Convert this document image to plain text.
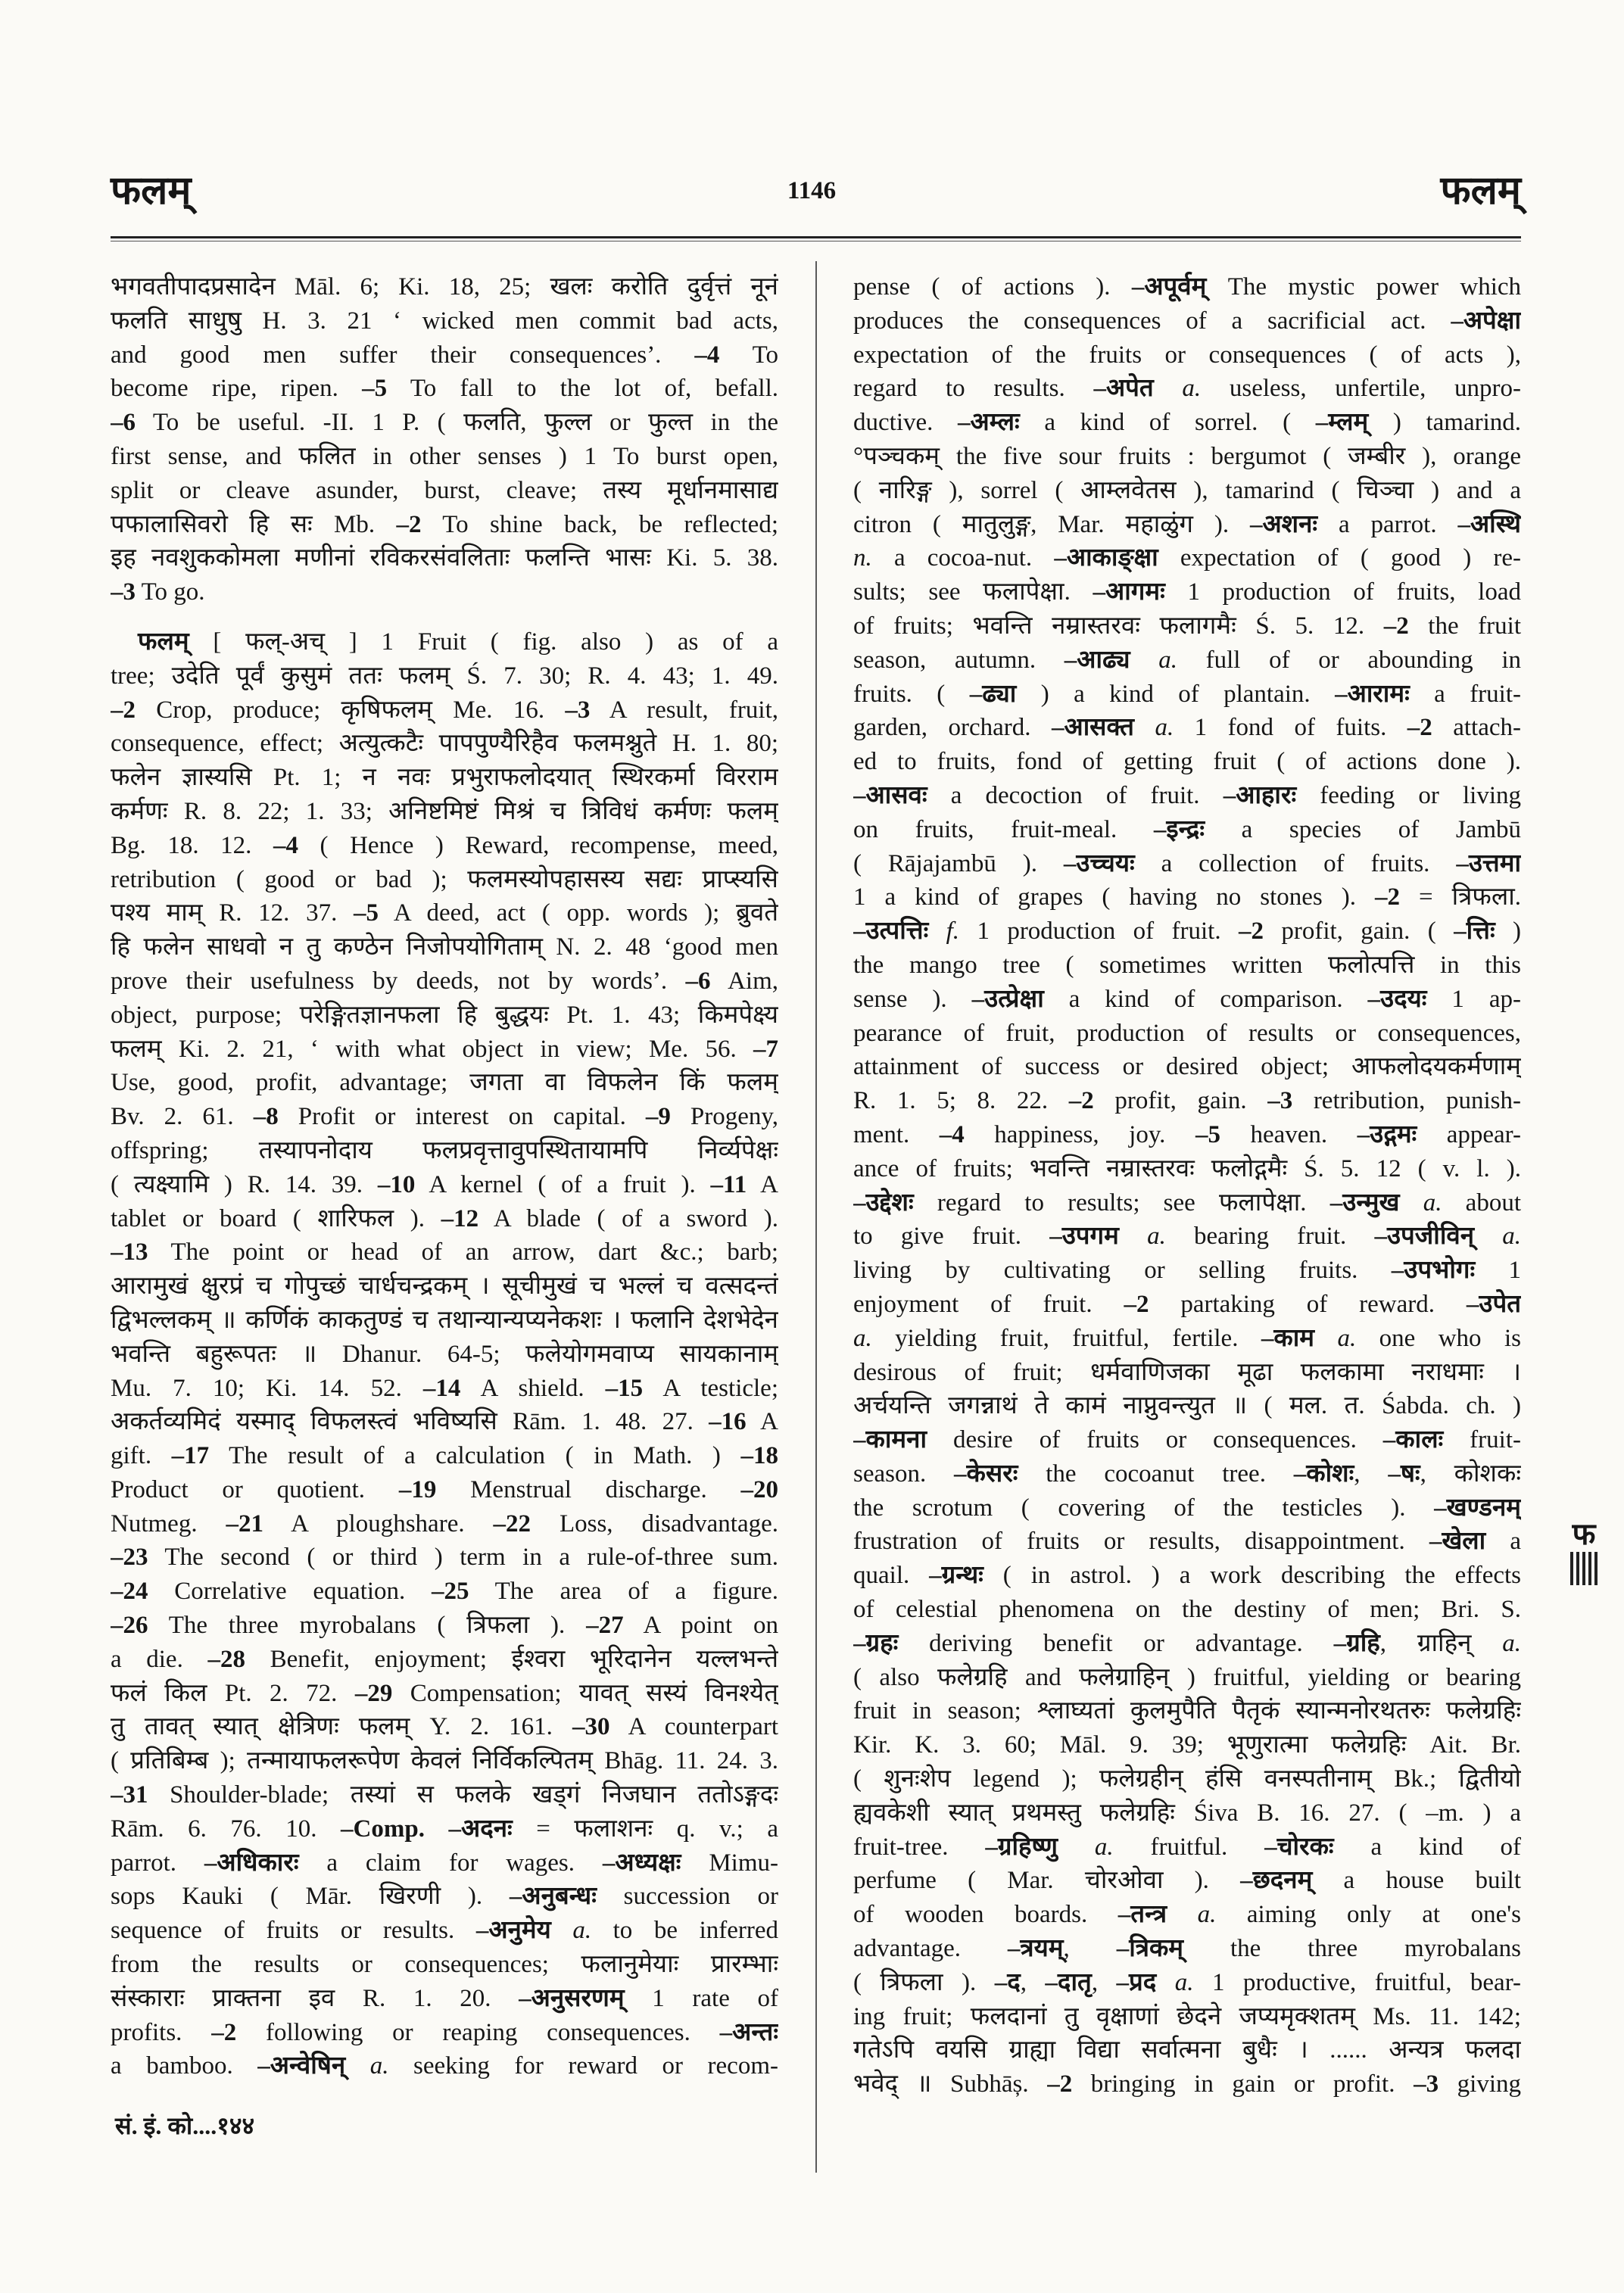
फलम्	1146	फलम्
भगवतीपादप्रसादेन Māl. 6; Ki. 18, 25; खलः करोति दुर्वृत्तं नूनं
फलति साधुषु H. 3. 21 ‘ wicked men commit bad acts,
and good men suffer their consequences’. –4 To
become ripe, ripen. –5 To fall to the lot of, befall.
–6 To be useful. -II. 1 P. ( फलति, फुल्ल or फुल्त in the
first sense, and फलित in other senses ) 1 To burst open,
split or cleave asunder, burst, cleave; तस्य मूर्धानमासाद्य
पफालासिवरो हि सः Mb. –2 To shine back, be reflected;
इह नवशुककोमला मणीनां रविकरसंवलिताः फलन्ति भासः Ki. 5. 38.
–3 To go.
फलम् [ फल्-अच् ] 1 Fruit ( fig. also ) as of a
tree; उदेति पूर्वं कुसुमं ततः फलम् Ś. 7. 30; R. 4. 43; 1. 49.
–2 Crop, produce; कृषिफलम् Me. 16. –3 A result, fruit,
consequence, effect; अत्युत्कटैः पापपुण्यैरिहैव फलमश्नुते H. 1. 80;
फलेन ज्ञास्यसि Pt. 1; न नवः प्रभुराफलोदयात् स्थिरकर्मा विरराम
कर्मणः R. 8. 22; 1. 33; अनिष्टमिष्टं मिश्रं च त्रिविधं कर्मणः फलम्
Bg. 18. 12. –4 ( Hence ) Reward, recompense, meed,
retribution ( good or bad ); फलमस्योपहासस्य सद्यः प्राप्स्यसि
पश्य माम् R. 12. 37. –5 A deed, act ( opp. words ); ब्रुवते
हि फलेन साधवो न तु कण्ठेन निजोपयोगिताम् N. 2. 48 ‘good men
prove their usefulness by deeds, not by words’. –6 Aim,
object, purpose; परेङ्गितज्ञानफला हि बुद्धयः Pt. 1. 43; किमपेक्ष्य
फलम् Ki. 2. 21, ‘ with what object in view; Me. 56. –7
Use, good, profit, advantage; जगता वा विफलेन किं फलम्
Bv. 2. 61. –8 Profit or interest on capital. –9 Progeny,
offspring; तस्यापनोदाय फलप्रवृत्तावुपस्थितायामपि निर्व्यपेक्षः
( त्यक्ष्यामि ) R. 14. 39. –10 A kernel ( of a fruit ). –11 A
tablet or board ( शारिफल ). –12 A blade ( of a sword ).
–13 The point or head of an arrow, dart &c.; barb;
आरामुखं क्षुरप्रं च गोपुच्छं चार्धचन्द्रकम् । सूचीमुखं च भल्लं च वत्सदन्तं
द्विभल्लकम् ॥ कर्णिकं काकतुण्डं च तथान्यान्यप्यनेकशः । फलानि देशभेदेन
भवन्ति बहुरूपतः ॥ Dhanur. 64-5; फलेयोगमवाप्य सायकानाम्
Mu. 7. 10; Ki. 14. 52. –14 A shield. –15 A testicle;
अकर्तव्यमिदं यस्माद् विफलस्त्वं भविष्यसि Rām. 1. 48. 27. –16 A
gift. –17 The result of a calculation ( in Math. ) –18
Product or quotient. –19 Menstrual discharge. –20
Nutmeg. –21 A ploughshare. –22 Loss, disadvantage.
–23 The second ( or third ) term in a rule-of-three sum.
–24 Correlative equation. –25 The area of a figure.
–26 The three myrobalans ( त्रिफला ). –27 A point on
a die. –28 Benefit, enjoyment; ईश्वरा भूरिदानेन यल्लभन्ते
फलं किल Pt. 2. 72. –29 Compensation; यावत् सस्यं विनश्येत्
तु तावत् स्यात् क्षेत्रिणः फलम् Y. 2. 161. –30 A counterpart
( प्रतिबिम्ब ); तन्मायाफलरूपेण केवलं निर्विकल्पितम् Bhāg. 11. 24. 3.
–31 Shoulder-blade; तस्यां स फलके खड्गं निजघान ततोऽङ्गदः
Rām. 6. 76. 10. –Comp. –अदनः = फलाशनः q. v.; a
parrot. –अधिकारः a claim for wages. –अध्यक्षः Mimu-
sops Kauki ( Mār. खिरणी ). –अनुबन्धः succession or
sequence of fruits or results. –अनुमेय a. to be inferred
from the results or consequences; फलानुमेयाः प्रारम्भाः
संस्काराः प्राक्तना इव R. 1. 20. –अनुसरणम् 1 rate of
profits. –2 following or reaping consequences. –अन्तः
a bamboo. –अन्वेषिन् a. seeking for reward or recom-
pense ( of actions ). –अपूर्वम् The mystic power which
produces the consequences of a sacrificial act. –अपेक्षा
expectation of the fruits or consequences ( of acts ),
regard to results. –अपेत a. useless, unfertile, unpro-
ductive. –अम्लः a kind of sorrel. ( –म्लम् ) tamarind.
°पञ्चकम् the five sour fruits : bergumot ( जम्बीर ), orange
( नारिङ्ग ), sorrel ( आम्लवेतस ), tamarind ( चिञ्चा ) and a
citron ( मातुलुङ्ग, Mar. महाळुंग ). –अशनः a parrot. –अस्थि
n. a cocoa-nut. –आकाङ्क्षा expectation of ( good ) re-
sults; see फलापेक्षा. –आगमः 1 production of fruits, load
of fruits; भवन्ति नम्रास्तरवः फलागमैः Ś. 5. 12. –2 the fruit
season, autumn. –आढ्य a. full of or abounding in
fruits. ( –ढ्या ) a kind of plantain. –आरामः a fruit-
garden, orchard. –आसक्त a. 1 fond of fuits. –2 attach-
ed to fruits, fond of getting fruit ( of actions done ).
–आसवः a decoction of fruit. –आहारः feeding or living
on fruits, fruit-meal. –इन्द्रः a species of Jambū
( Rājajambū ). –उच्चयः a collection of fruits. –उत्तमा
1 a kind of grapes ( having no stones ). –2 = त्रिफला.
–उत्पत्तिः f. 1 production of fruit. –2 profit, gain. ( –त्तिः )
the mango tree ( sometimes written फलोत्पत्ति in this
sense ). –उत्प्रेक्षा a kind of comparison. –उदयः 1 ap-
pearance of fruit, production of results or consequences,
attainment of success or desired object; आफलोदयकर्मणाम्
R. 1. 5; 8. 22. –2 profit, gain. –3 retribution, punish-
ment. –4 happiness, joy. –5 heaven. –उद्गमः appear-
ance of fruits; भवन्ति नम्रास्तरवः फलोद्गमैः Ś. 5. 12 ( v. l. ).
–उद्देशः regard to results; see फलापेक्षा. –उन्मुख a. about
to give fruit. –उपगम a. bearing fruit. –उपजीविन् a.
living by cultivating or selling fruits. –उपभोगः 1
enjoyment of fruit. –2 partaking of reward. –उपेत
a. yielding fruit, fruitful, fertile. –काम a. one who is
desirous of fruit; धर्मवाणिजका मूढा फलकामा नराधमाः ।
अर्चयन्ति जगन्नाथं ते कामं नाप्नुवन्त्युत ॥ ( मल. त. Śabda. ch. )
–कामना desire of fruits or consequences. –कालः fruit-
season. –केसरः the cocoanut tree. –कोशः, –षः, कोशकः
the scrotum ( covering of the testicles ). –खण्डनम्
frustration of fruits or results, disappointment. –खेला a
quail. –ग्रन्थः ( in astrol. ) a work describing the effects
of celestial phenomena on the destiny of men; Bri. S.
–ग्रहः deriving benefit or advantage. –ग्रहि, ग्राहिन् a.
( also फलेग्रहि and फलेग्राहिन् ) fruitful, yielding or bearing
fruit in season; श्लाघ्यतां कुलमुपैति पैतृकं स्यान्मनोरथतरुः फलेग्रहिः
Kir. K. 3. 60; Māl. 9. 39; भूणुरात्मा फलेग्रहिः Ait. Br.
( शुनःशेप legend ); फलेग्रहीन् हंसि वनस्पतीनाम् Bk.; द्वितीयो
ह्यवकेशी स्यात् प्रथमस्तु फलेग्रहिः Śiva B. 16. 27. ( –m. ) a
fruit-tree. –ग्रहिष्णु a. fruitful. –चोरकः a kind of
perfume ( Mar. चोरओवा ). –छदनम् a house built
of wooden boards. –तन्त्र a. aiming only at one's
advantage. –त्रयम्, –त्रिकम् the three myrobalans
( त्रिफला ). –द, –दातृ, –प्रद a. 1 productive, fruitful, bear-
ing fruit; फलदानां तु वृक्षाणां छेदने जप्यमृक्शतम् Ms. 11. 142;
गतेऽपि वयसि ग्राह्या विद्या सर्वात्मना बुधैः । ...... अन्यत्र फलदा
भवेद् ॥ Subhāș. –2 bringing in gain or profit. –3 giving
सं. इं. को....१४४
फ
